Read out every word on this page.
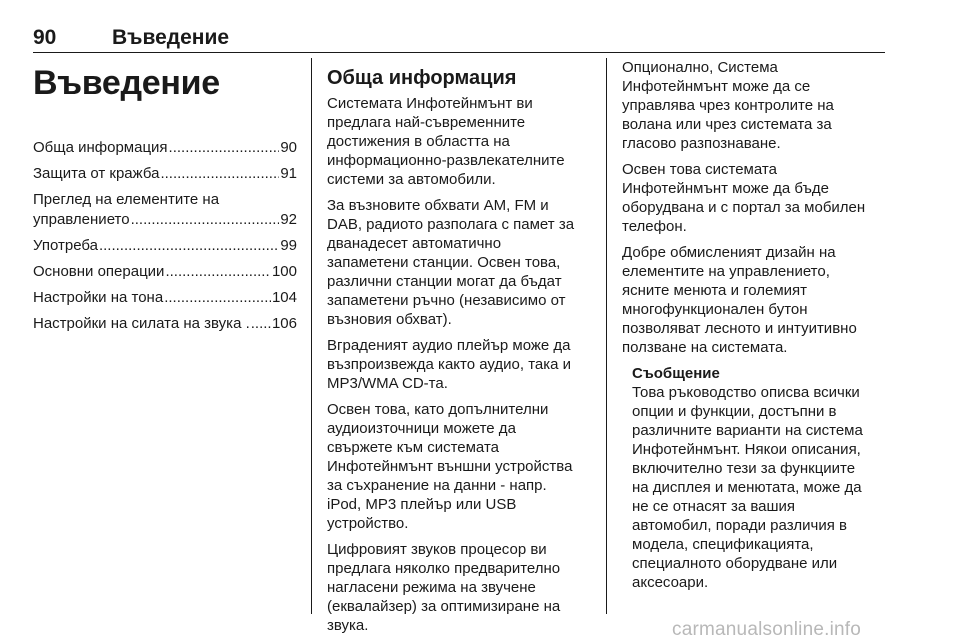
90	Въведение
Въведение
Обща информация .....	90
Защита от кражба .....	91
Преглед на елементите на
управлението .....	92
Употреба .....	99
Основни операции .....	100
Настройки на тона .....	104
Настройки на силата на звука . ..... 106
Обща информация

Системата Инфотейнмънт ви
предлага най-съвременните
достижения в областта на
информационно-развлекателните
системи за автомобили.

За възновите обхвати AM, FM и
DAB, радиото разполага с памет за
дванадесет автоматично
запаметени станции. Освен това,
различни станции могат да бъдат
запаметени ръчно (независимо от
възновия обхват).

Вграденият аудио плейър може да
възпроизвежда както аудио, така и
MP3/WMA CD-та.

Освен това, като допълнителни
аудиоизточници можете да
свържете към системата
Инфотейнмънт външни устройства
за съхранение на данни - напр.
iPod, MP3 плейър или USB
устройство.

Цифровият звуков процесор ви
предлага няколко предварително
нагласени режима на звучене
(еквалайзер) за оптимизиране на
звука.

Опционално, Система
Инфотейнмънт може да се
управлява чрез контролите на
волана или чрез системата за
гласово разпознаване.

Освен това системата
Инфотейнмънт може да бъде
оборудвана и с портал за мобилен
телефон.

Добре обмисленият дизайн на
елементите на управлението,
ясните менюта и големият
многофункционален бутон
позволяват лесното и интуитивно
ползване на системата.

Съобщение
Това ръководство описва всички
опции и функции, достъпни в
различните варианти на система
Инфотейнмънт. Някои описания,
включително тези за функциите
на дисплея и менютата, може да
не се отнасят за вашия
автомобил, поради различия в
модела, спецификацията,
специалното оборудване или
аксесоари.
carmanualsonline.info
